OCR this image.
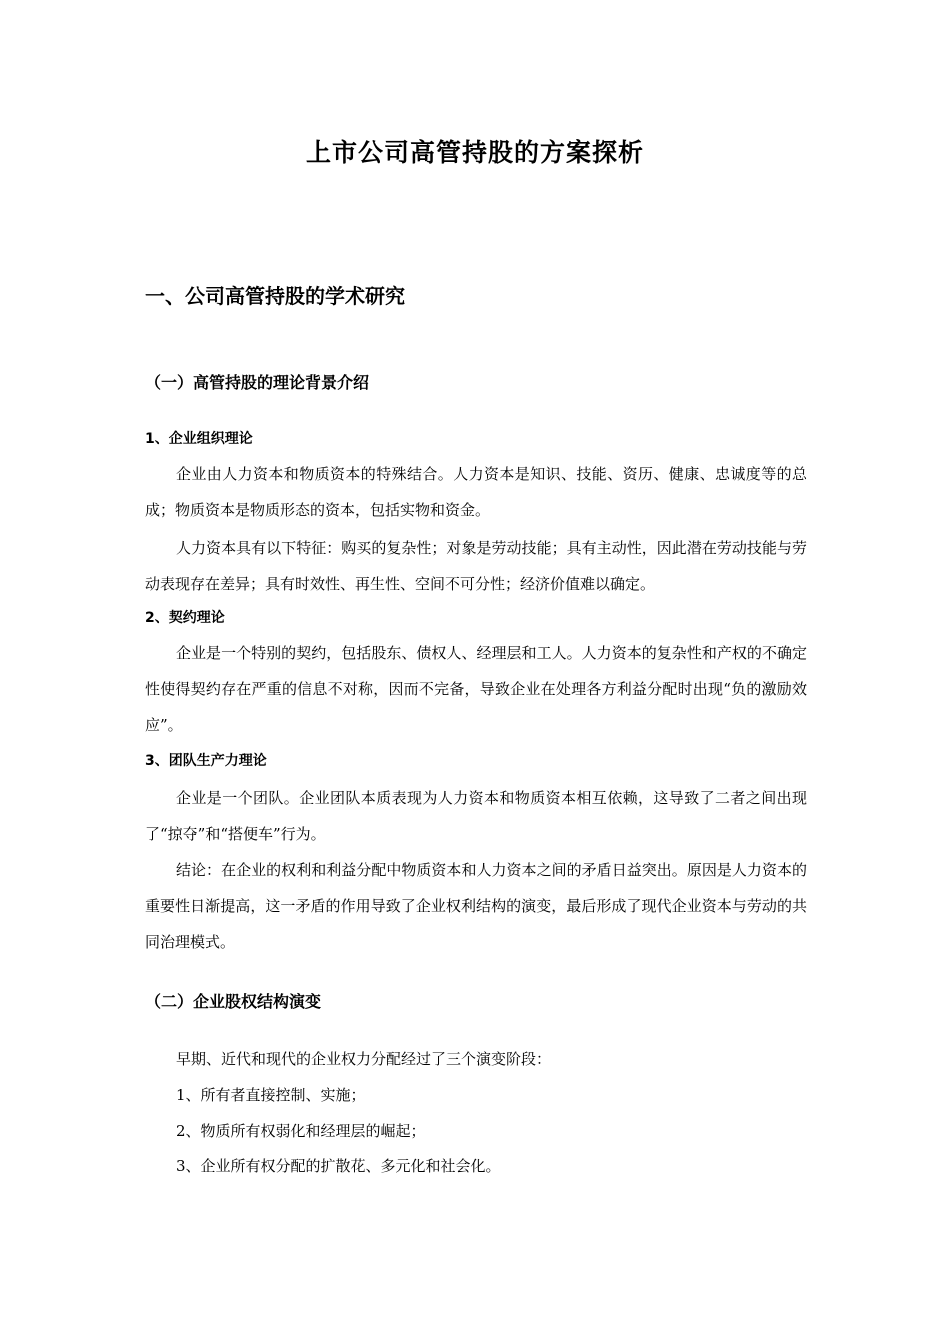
上市公司高管持股的方案探析
一、公司高管持股的学术研究
（一）高管持股的理论背景介绍
1、企业组织理论
企业由人力资本和物质资本的特殊结合。人力资本是知识、技能、资历、健康、忠诚度等的总成；物质资本是物质形态的资本，包括实物和资金。
人力资本具有以下特征：购买的复杂性；对象是劳动技能；具有主动性，因此潜在劳动技能与劳动表现存在差异；具有时效性、再生性、空间不可分性；经济价值难以确定。
2、契约理论
企业是一个特别的契约，包括股东、债权人、经理层和工人。人力资本的复杂性和产权的不确定性使得契约存在严重的信息不对称，因而不完备，导致企业在处理各方利益分配时出现“负的激励效应”。
3、团队生产力理论
企业是一个团队。企业团队本质表现为人力资本和物质资本相互依赖，这导致了二者之间出现了“掠夺”和“搭便车”行为。
结论：在企业的权利和利益分配中物质资本和人力资本之间的矛盾日益突出。原因是人力资本的重要性日渐提高，这一矛盾的作用导致了企业权利结构的演变，最后形成了现代企业资本与劳动的共同治理模式。
（二）企业股权结构演变
早期、近代和现代的企业权力分配经过了三个演变阶段：
1、所有者直接控制、实施；
2、物质所有权弱化和经理层的崛起；
3、企业所有权分配的扩散花、多元化和社会化。
